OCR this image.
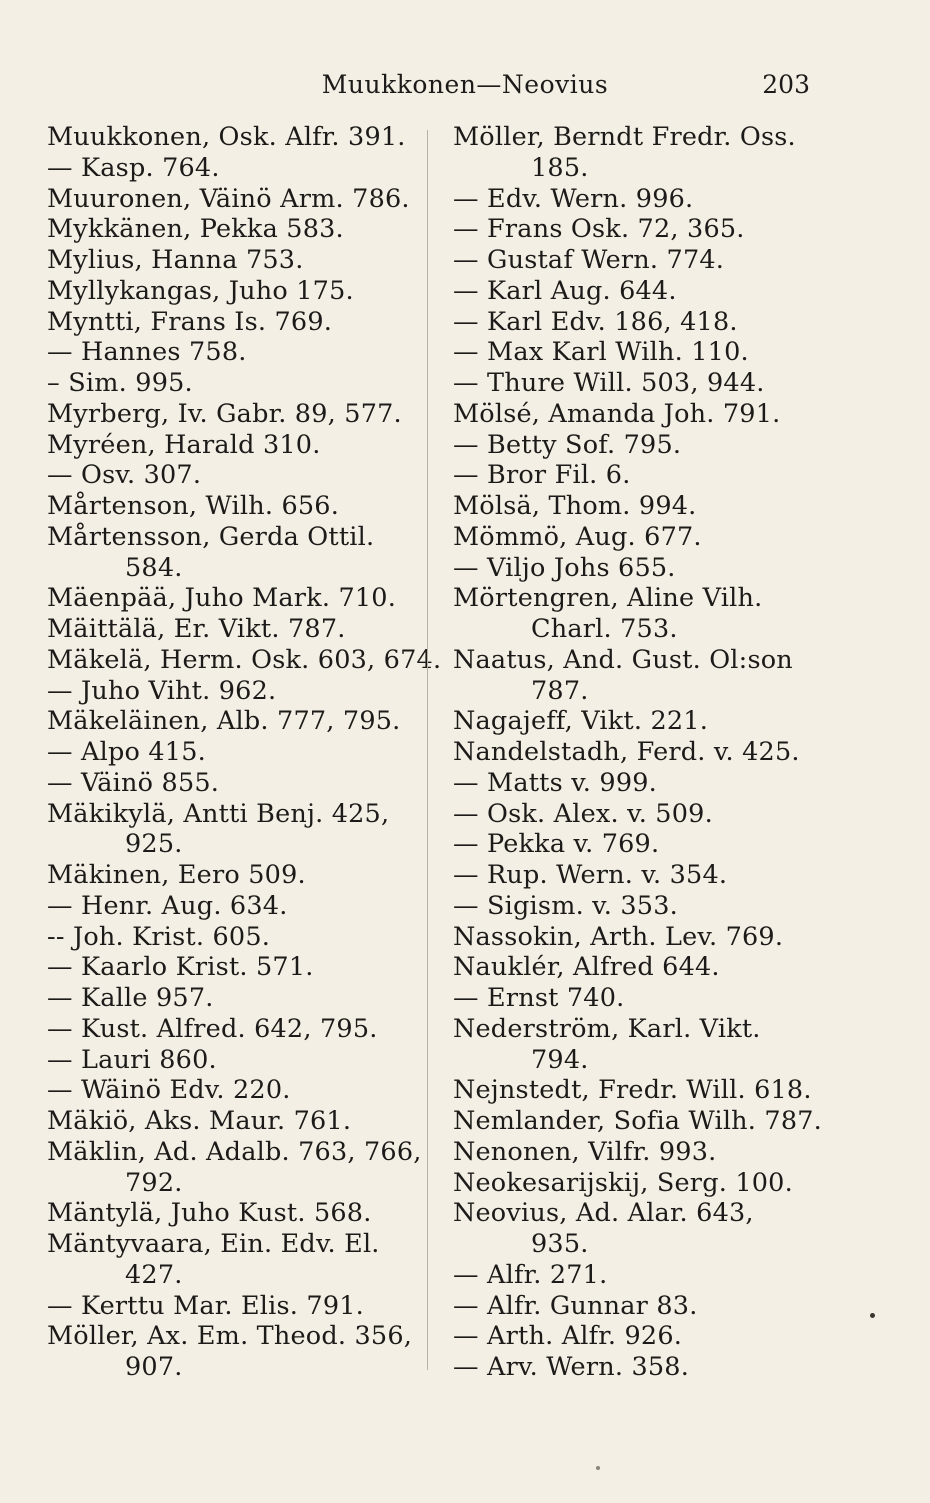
Muukkonen—Neovius	203
Muukkonen, Osk. Alfr. 391.
— Kasp. 764.
Muuronen, Väinö Arm. 786.
Mykkänen, Pekka 583.
Mylius, Hanna 753.
Myllykangas, Juho 175.
Myntti, Frans Is. 769.
— Hannes 758.
– Sim. 995.
Myrberg, Iv. Gabr. 89, 577.
Myréen, Harald 310.
— Osv. 307.
Mårtenson, Wilh. 656.
Mårtensson, Gerda Ottil.
584.
Mäenpää, Juho Mark. 710.
Mäittälä, Er. Vikt. 787.
Mäkelä, Herm. Osk. 603, 674.
— Juho Viht. 962.
Mäkeläinen, Alb. 777, 795.
— Alpo 415.
— Väinö 855.
Mäkikylä, Antti Benj. 425,
925.
Mäkinen, Eero 509.
— Henr. Aug. 634.
-- Joh. Krist. 605.
— Kaarlo Krist. 571.
— Kalle 957.
— Kust. Alfred. 642, 795.
— Lauri 860.
— Wäinö Edv. 220.
Mäkiö, Aks. Maur. 761.
Mäklin, Ad. Adalb. 763, 766,
792.
Mäntylä, Juho Kust. 568.
Mäntyvaara, Ein. Edv. El.
427.
— Kerttu Mar. Elis. 791.
Möller, Ax. Em. Theod. 356,
907.
Möller, Berndt Fredr. Oss.
185.
— Edv. Wern. 996.
— Frans Osk. 72, 365.
— Gustaf Wern. 774.
— Karl Aug. 644.
— Karl Edv. 186, 418.
— Max Karl Wilh. 110.
— Thure Will. 503, 944.
Mölsé, Amanda Joh. 791.
— Betty Sof. 795.
— Bror Fil. 6.
Mölsä, Thom. 994.
Mömmö, Aug. 677.
— Viljo Johs 655.
Mörtengren, Aline Vilh.
Charl. 753.
Naatus, And. Gust. Ol:son
787.
Nagajeff, Vikt. 221.
Nandelstadh, Ferd. v. 425.
— Matts v. 999.
— Osk. Alex. v. 509.
— Pekka v. 769.
— Rup. Wern. v. 354.
— Sigism. v. 353.
Nassokin, Arth. Lev. 769.
Nauklér, Alfred 644.
— Ernst 740.
Nederström, Karl. Vikt.
794.
Nejnstedt, Fredr. Will. 618.
Nemlander, Sofia Wilh. 787.
Nenonen, Vilfr. 993.
Neokesarijskij, Serg. 100.
Neovius, Ad. Alar. 643,
935.
— Alfr. 271.
— Alfr. Gunnar 83.
— Arth. Alfr. 926.
— Arv. Wern. 358.
